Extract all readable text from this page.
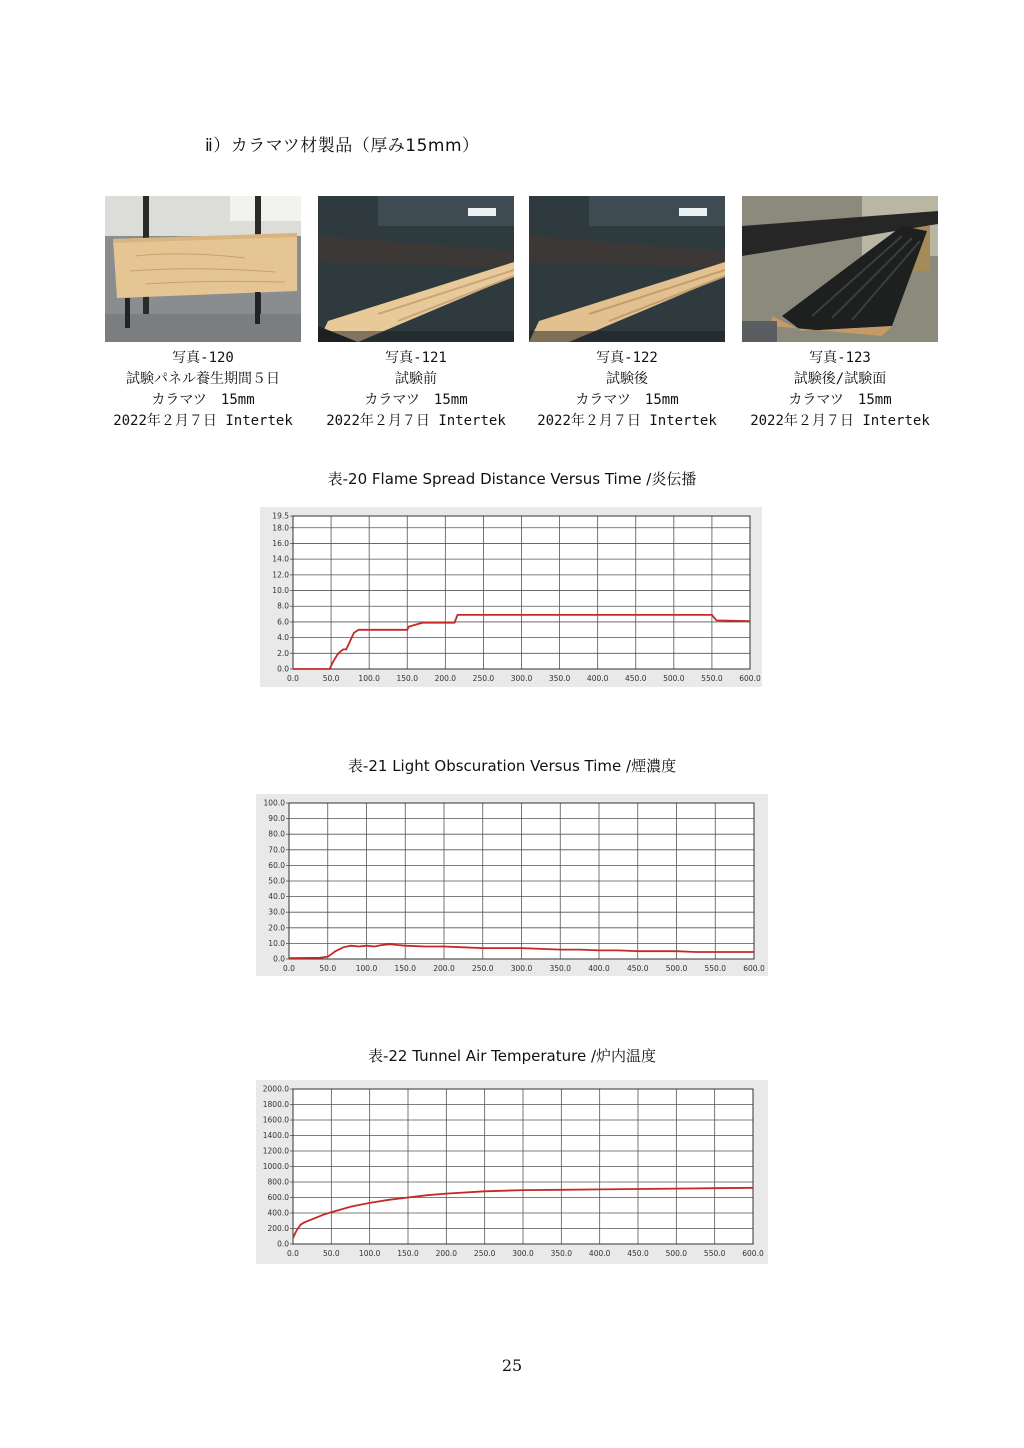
ⅱ）カラマツ材製品（厚み15mm）
写真-120
試験パネル養生期間５日
カラマツ　15mm
2022年２月７日 Intertek
写真-121
試験前
カラマツ　15mm
2022年２月７日 Intertek
写真-122
試験後
カラマツ　15mm
2022年２月７日 Intertek
写真-123
試験後/試験面
カラマツ　15mm
2022年２月７日 Intertek
表-20 Flame Spread Distance Versus Time /炎伝播
0.0	50.0	100.0 150.0 200.0 250.0 300.0 350.0 400.0 450.0 500.0 550.0 600.0
0.0
2.0
4.0
6.0
8.0
10.0
12.0
14.0
16.0
18.0
19.5
表-21 Light Obscuration Versus Time /煙濃度
0.0	50.0	100.0 150.0 200.0 250.0 300.0 350.0 400.0 450.0 500.0 550.0 600.0
0.0
10.0
20.0
30.0
40.0
50.0
60.0
70.0
80.0
90.0
100.0
表-22 Tunnel Air Temperature /炉内温度
0.0	50.0	100.0 150.0 200.0 250.0 300.0 350.0 400.0 450.0 500.0 550.0 600.0
0.0
200.0
400.0
600.0
800.0
1000.0
1200.0
1400.0
1600.0
1800.0
2000.0
25
